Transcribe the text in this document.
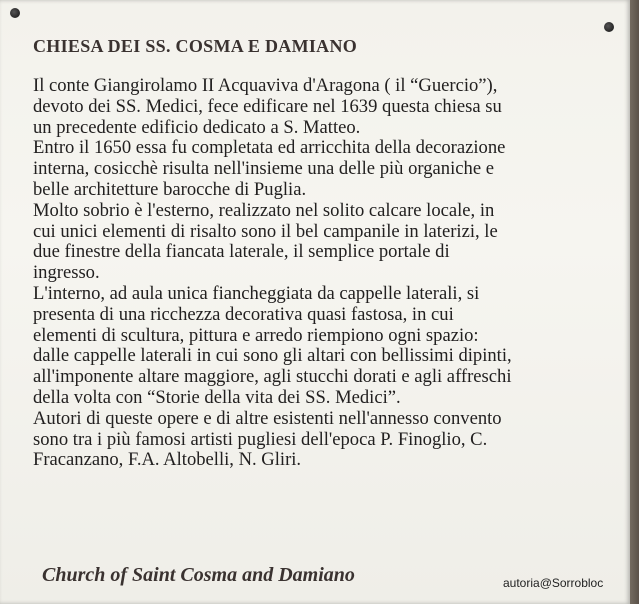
CHIESA DEI SS. COSMA E DAMIANO
Il conte Giangirolamo II Acquaviva d'Aragona ( il “Guercio”),
devoto dei SS. Medici, fece edificare nel 1639 questa chiesa su
un precedente edificio dedicato a S. Matteo.
Entro il 1650 essa fu completata ed arricchita della decorazione
interna, cosicchè risulta nell'insieme una delle più organiche e
belle architetture barocche di Puglia.
Molto sobrio è l'esterno, realizzato nel solito calcare locale, in
cui unici elementi di risalto sono il bel campanile in laterizi, le
due finestre della fiancata laterale, il semplice portale di
ingresso.
L'interno, ad aula unica fiancheggiata da cappelle laterali, si
presenta di una ricchezza decorativa quasi fastosa, in cui
elementi di scultura, pittura e arredo riempiono ogni spazio:
dalle cappelle laterali in cui sono gli altari con bellissimi dipinti,
all'imponente altare maggiore, agli stucchi dorati e agli affreschi
della volta con “Storie della vita dei SS. Medici”.
Autori di queste opere e di altre esistenti nell'annesso convento
sono tra i più famosi artisti pugliesi dell'epoca P. Finoglio, C.
Fracanzano, F.A. Altobelli, N. Gliri.
Church of Saint Cosma and Damiano	autoria@Sorrobloc
